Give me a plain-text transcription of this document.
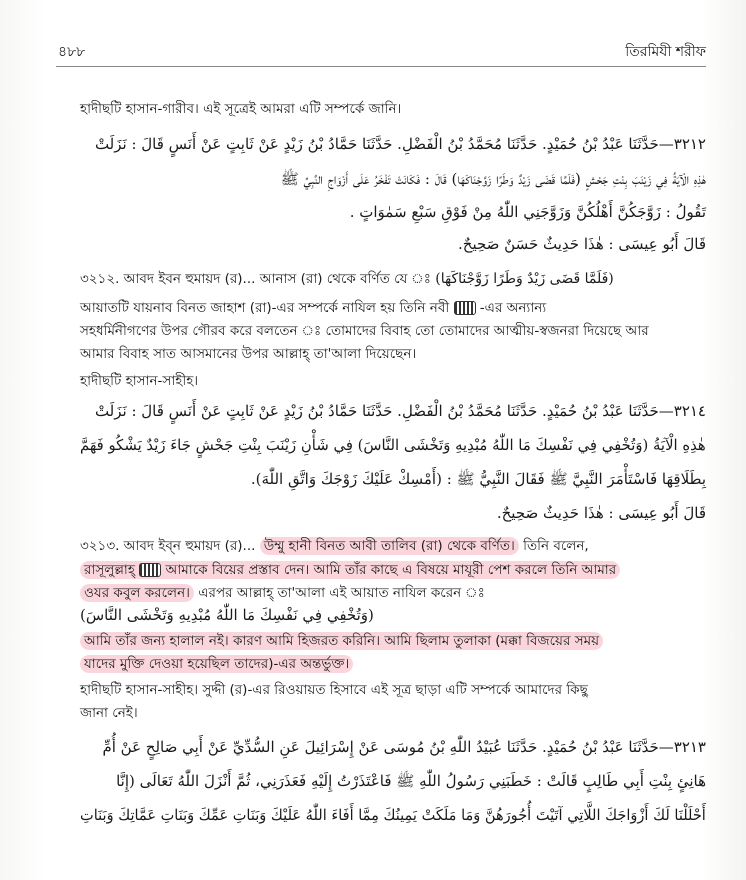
৪৮৮	তিরমিযী শরীফ
হাদীছটি হাসান-গারীব। এই সূত্রেই আমরা এটি সম্পর্কে জানি।
٣٢١٢—حَدَّثَنَا عَبْدُ بْنُ حُمَيْدٍ. حَدَّثَنَا مُحَمَّدُ بْنُ الْفَضْلِ. حَدَّثَنَا حَمَّادُ بْنُ زَيْدٍ عَنْ ثَابِتٍ عَنْ أَنَسٍ قَالَ : نَزَلَتْ
هٰذِهِ الْآيَةُ فِي زَيْنَبَ بِنْتِ جَحْشٍ (فَلَمَّا قَضَى زَيْدٌ وَطَرًا زَوَّجْنَاكَهَا) قَالَ : فَكَانَتْ تَفْخَرُ عَلَى أَزْوَاجِ النَّبِيِّ ﷺ
تَقُولُ : زَوَّجَكُنَّ أَهْلُكُنَّ وَزَوَّجَنِي اللّٰهُ مِنْ فَوْقِ سَبْعِ سَمٰوَاتٍ .
قَالَ أَبُو عِيسَى : هٰذَا حَدِيثٌ حَسَنٌ صَحِيحٌ.
৩২১২. আবদ ইবন হুমায়দ (র)... আনাস (রা) থেকে বর্ণিত যে ঃ (فَلَمَّا قَضَى زَيْدٌ وَطَرًا زَوَّجْنَاكَهَا)
আয়াতটি যায়নাব বিনত জাহাশ (রা)-এর সম্পর্কে নাযিল হয় তিনি নবী -এর অন্যান্য
সহধর্মিনীগণের উপর গৌরব করে বলতেন ঃ তোমাদের বিবাহ তো তোমাদের আত্মীয়-স্বজনরা দিয়েছে আর
আমার বিবাহ সাত আসমানের উপর আল্লাহ্ তা'আলা দিয়েছেন।
হাদীছটি হাসান-সাহীহ।
٣٢١٤—حَدَّثَنَا عَبْدُ بْنُ حُمَيْدٍ. حَدَّثَنَا مُحَمَّدُ بْنُ الْفَضْلِ. حَدَّثَنَا حَمَّادُ بْنُ زَيْدٍ عَنْ ثَابِتٍ عَنْ أَنَسٍ قَالَ : نَزَلَتْ
هٰذِهِ الْآيَةُ (وَتُخْفِي فِي نَفْسِكَ مَا اللّٰهُ مُبْدِيهِ وَتَخْشَى النَّاسَ) فِي شَأْنِ زَيْنَبَ بِنْتِ جَحْشٍ جَاءَ زَيْدٌ يَشْكُو فَهَمَّ
بِطَلَاقِهَا فَاسْتَأْمَرَ النَّبِيَّ ﷺ فَقَالَ النَّبِيُّ ﷺ : (أَمْسِكْ عَلَيْكَ زَوْجَكَ وَاتَّقِ اللّٰهَ).
قَالَ أَبُو عِيسَى : هٰذَا حَدِيثٌ صَحِيحٌ.
৩২১৩. আবদ ইব্ন হুমায়দ (র)... উম্মু হানী বিনত আবী তালিব (রা) থেকে বর্ণিত। তিনি বলেন,
রাসূলুল্লাহ্ আমাকে বিয়ের প্রস্তাব দেন। আমি তাঁর কাছে এ বিষয়ে মাযূরী পেশ করলে তিনি আমার
ওযর কবুল করলেন। এরপর আল্লাহ্ তা'আলা এই আয়াত নাযিল করেন ঃ
(وَتُخْفِي فِي نَفْسِكَ مَا اللّٰهُ مُبْدِيهِ وَتَخْشَى النَّاسَ)
আমি তাঁর জন্য হালাল নই। কারণ আমি হিজরত করিনি। আমি ছিলাম তুলাকা (মক্কা বিজয়ের সময়
যাদের মুক্তি দেওয়া হয়েছিল তাদের)-এর অন্তর্ভুক্ত।
হাদীছটি হাসান-সাহীহ। সুদ্দী (র)-এর রিওয়ায়ত হিসাবে এই সূত্র ছাড়া এটি সম্পর্কে আমাদের কিছু
জানা নেই।
٣٢١٣—حَدَّثَنَا عَبْدُ بْنُ حُمَيْدٍ. حَدَّثَنَا عُبَيْدُ اللّٰهِ بْنُ مُوسَى عَنْ إِسْرَائِيلَ عَنِ السُّدِّيِّ عَنْ أَبِي صَالِحٍ عَنْ أُمِّ
هَانِئٍ بِنْتِ أَبِي طَالِبٍ قَالَتْ : خَطَبَنِي رَسُولُ اللّٰهِ ﷺ فَاعْتَذَرْتُ إِلَيْهِ فَعَذَرَنِي، ثُمَّ أَنْزَلَ اللّٰهُ تَعَالَى (إِنَّا
أَحْلَلْنَا لَكَ أَزْوَاجَكَ اللَّاتِي آتَيْتَ أُجُورَهُنَّ وَمَا مَلَكَتْ يَمِينُكَ مِمَّا أَفَاءَ اللّٰهُ عَلَيْكَ وَبَنَاتِ عَمِّكَ وَبَنَاتِ عَمَّاتِكَ وَبَنَاتِ
